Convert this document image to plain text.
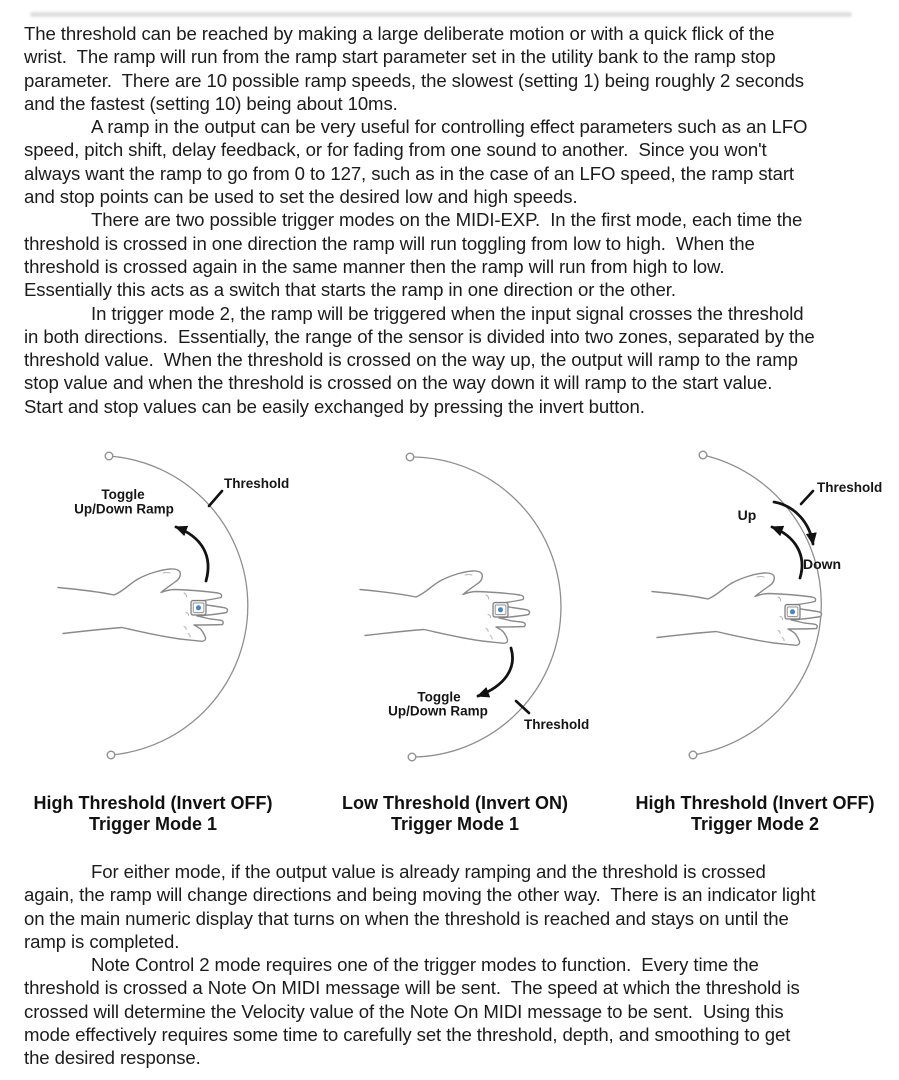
The threshold can be reached by making a large deliberate motion or with a quick flick of the
wrist.  The ramp will run from the ramp start parameter set in the utility bank to the ramp stop
parameter.  There are 10 possible ramp speeds, the slowest (setting 1) being roughly 2 seconds
and the fastest (setting 10) being about 10ms.
A ramp in the output can be very useful for controlling effect parameters such as an LFO
speed, pitch shift, delay feedback, or for fading from one sound to another.  Since you won't
always want the ramp to go from 0 to 127, such as in the case of an LFO speed, the ramp start
and stop points can be used to set the desired low and high speeds.
There are two possible trigger modes on the MIDI-EXP.  In the first mode, each time the
threshold is crossed in one direction the ramp will run toggling from low to high.  When the
threshold is crossed again in the same manner then the ramp will run from high to low.
Essentially this acts as a switch that starts the ramp in one direction or the other.
In trigger mode 2, the ramp will be triggered when the input signal crosses the threshold
in both directions.  Essentially, the range of the sensor is divided into two zones, separated by the
threshold value.  When the threshold is crossed on the way up, the output will ramp to the ramp
stop value and when the threshold is crossed on the way down it will ramp to the start value.
Start and stop values can be easily exchanged by pressing the invert button.
Threshold
Toggle
Up/Down Ramp
Threshold
Toggle
Up/Down Ramp
Threshold
Up
Down
High Threshold (Invert OFF)
Trigger Mode 1
Low Threshold (Invert ON)
Trigger Mode 1
High Threshold (Invert OFF)
Trigger Mode 2
For either mode, if the output value is already ramping and the threshold is crossed
again, the ramp will change directions and being moving the other way.  There is an indicator light
on the main numeric display that turns on when the threshold is reached and stays on until the
ramp is completed.
Note Control 2 mode requires one of the trigger modes to function.  Every time the
threshold is crossed a Note On MIDI message will be sent.  The speed at which the threshold is
crossed will determine the Velocity value of the Note On MIDI message to be sent.  Using this
mode effectively requires some time to carefully set the threshold, depth, and smoothing to get
the desired response.
